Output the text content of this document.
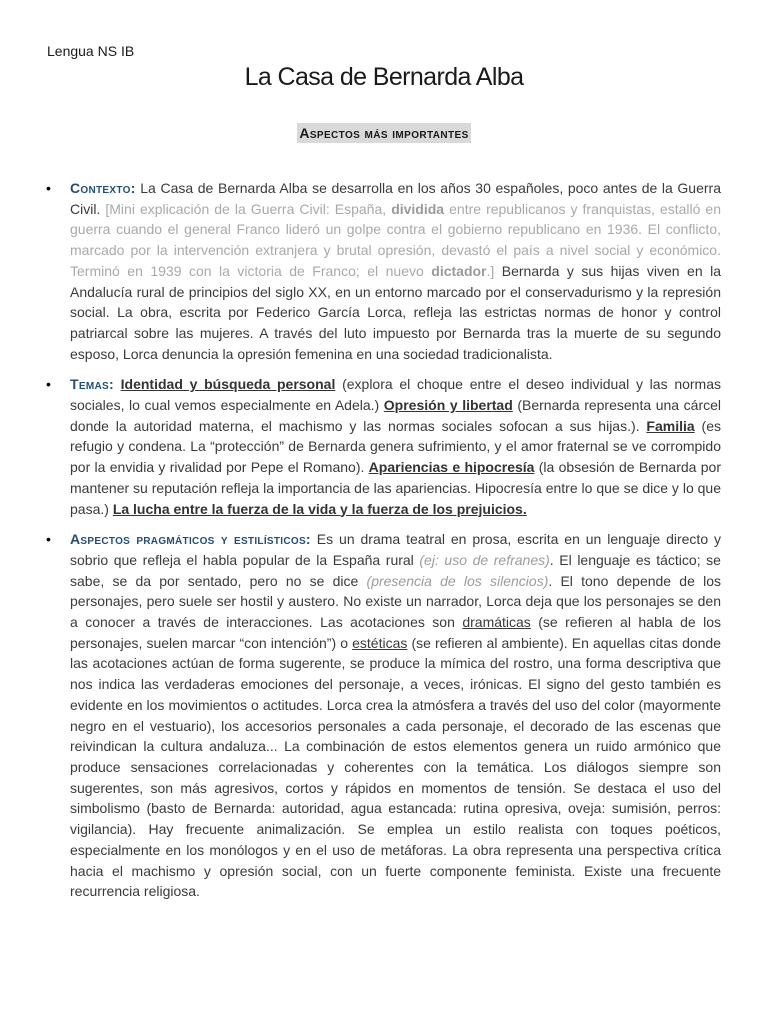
Lengua NS IB
La Casa de Bernarda Alba
Aspectos más importantes
• Contexto: La Casa de Bernarda Alba se desarrolla en los años 30 españoles, poco antes de la Guerra Civil. [Mini explicación de la Guerra Civil: España, dividida entre republicanos y franquistas, estalló en guerra cuando el general Franco lideró un golpe contra el gobierno republicano en 1936. El conflicto, marcado por la intervención extranjera y brutal opresión, devastó el país a nivel social y económico. Terminó en 1939 con la victoria de Franco; el nuevo dictador.] Bernarda y sus hijas viven en la Andalucía rural de principios del siglo XX, en un entorno marcado por el conservadurismo y la represión social. La obra, escrita por Federico García Lorca, refleja las estrictas normas de honor y control patriarcal sobre las mujeres. A través del luto impuesto por Bernarda tras la muerte de su segundo esposo, Lorca denuncia la opresión femenina en una sociedad tradicionalista.
• Temas: Identidad y búsqueda personal (explora el choque entre el deseo individual y las normas sociales, lo cual vemos especialmente en Adela.) Opresión y libertad (Bernarda representa una cárcel donde la autoridad materna, el machismo y las normas sociales sofocan a sus hijas.). Familia (es refugio y condena. La “protección” de Bernarda genera sufrimiento, y el amor fraternal se ve corrompido por la envidia y rivalidad por Pepe el Romano). Apariencias e hipocresía (la obsesión de Bernarda por mantener su reputación refleja la importancia de las apariencias. Hipocresía entre lo que se dice y lo que pasa.) La lucha entre la fuerza de la vida y la fuerza de los prejuicios.
• Aspectos pragmáticos y estilísticos: Es un drama teatral en prosa, escrita en un lenguaje directo y sobrio que refleja el habla popular de la España rural (ej: uso de refranes). El lenguaje es táctico; se sabe, se da por sentado, pero no se dice (presencia de los silencios). El tono depende de los personajes, pero suele ser hostil y austero. No existe un narrador, Lorca deja que los personajes se den a conocer a través de interacciones. Las acotaciones son dramáticas (se refieren al habla de los personajes, suelen marcar “con intención”) o estéticas (se refieren al ambiente). En aquellas citas donde las acotaciones actúan de forma sugerente, se produce la mímica del rostro, una forma descriptiva que nos indica las verdaderas emociones del personaje, a veces, irónicas. El signo del gesto también es evidente en los movimientos o actitudes. Lorca crea la atmósfera a través del uso del color (mayormente negro en el vestuario), los accesorios personales a cada personaje, el decorado de las escenas que reivindican la cultura andaluza... La combinación de estos elementos genera un ruido armónico que produce sensaciones correlacionadas y coherentes con la temática. Los diálogos siempre son sugerentes, son más agresivos, cortos y rápidos en momentos de tensión. Se destaca el uso del simbolismo (basto de Bernarda: autoridad, agua estancada: rutina opresiva, oveja: sumisión, perros: vigilancia). Hay frecuente animalización. Se emplea un estilo realista con toques poéticos, especialmente en los monólogos y en el uso de metáforas. La obra representa una perspectiva crítica hacia el machismo y opresión social, con un fuerte componente feminista. Existe una frecuente recurrencia religiosa.
